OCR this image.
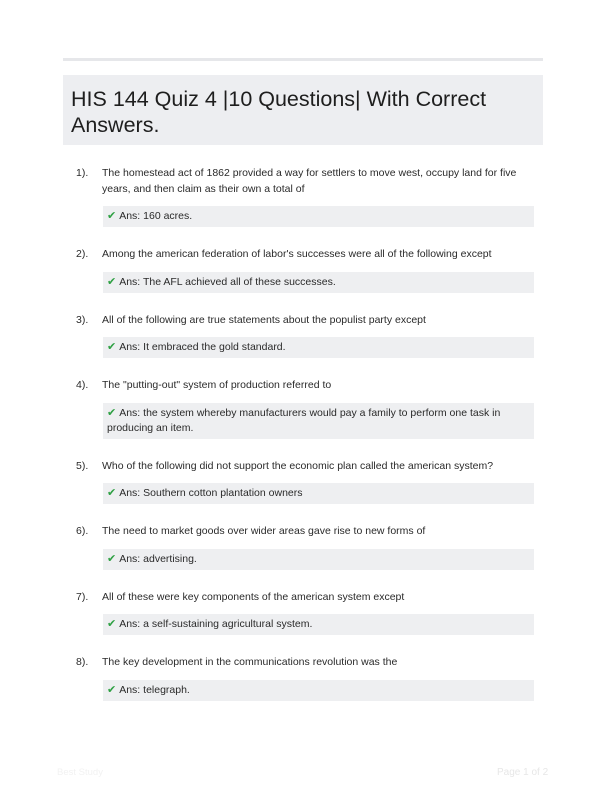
HIS 144 Quiz 4 |10 Questions| With Correct Answers.
1). The homestead act of 1862 provided a way for settlers to move west, occupy land for five years, and then claim as their own a total of
✔ Ans: 160 acres.
2). Among the american federation of labor's successes were all of the following except
✔ Ans: The AFL achieved all of these successes.
3). All of the following are true statements about the populist party except
✔ Ans: It embraced the gold standard.
4). The "putting-out" system of production referred to
✔ Ans: the system whereby manufacturers would pay a family to perform one task in producing an item.
5). Who of the following did not support the economic plan called the american system?
✔ Ans: Southern cotton plantation owners
6). The need to market goods over wider areas gave rise to new forms of
✔ Ans: advertising.
7). All of these were key components of the american system except
✔ Ans: a self-sustaining agricultural system.
8). The key development in the communications revolution was the
✔ Ans: telegraph.
Best Study	Page 1 of 2
